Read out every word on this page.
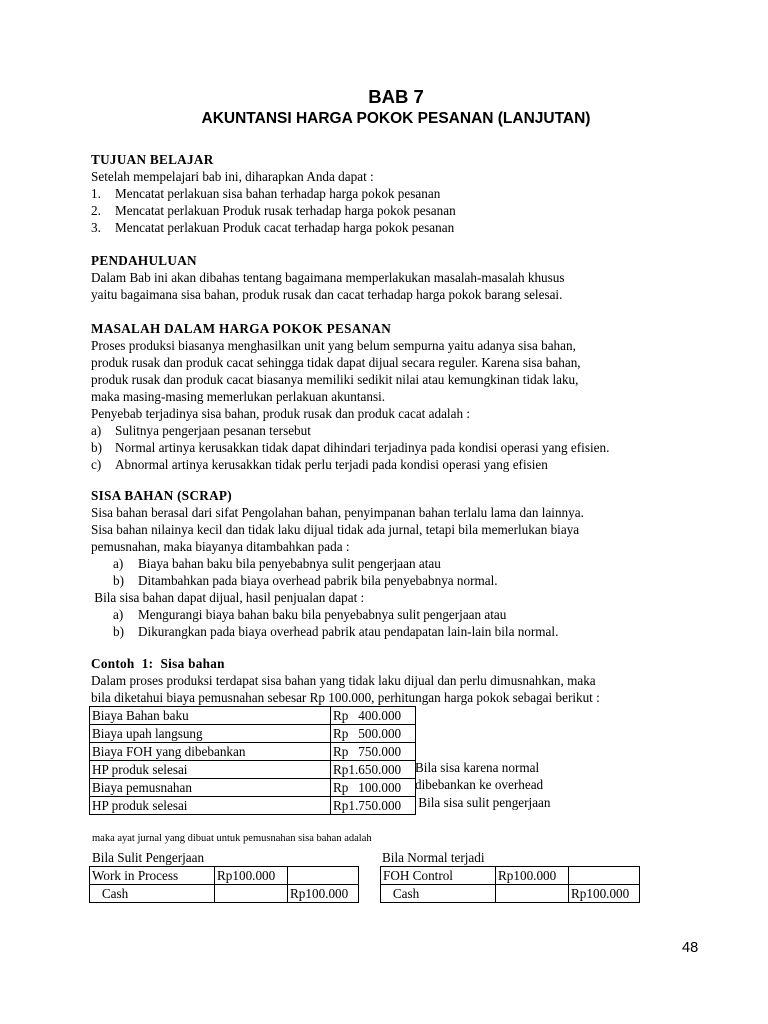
BAB 7
AKUNTANSI HARGA POKOK PESANAN (LANJUTAN)
TUJUAN BELAJAR
Setelah mempelajari bab ini, diharapkan Anda dapat :
1. Mencatat perlakuan sisa bahan terhadap harga pokok pesanan
2. Mencatat perlakuan Produk rusak terhadap harga pokok pesanan
3. Mencatat perlakuan Produk cacat terhadap harga pokok pesanan
PENDAHULUAN
Dalam Bab ini akan dibahas tentang bagaimana memperlakukan masalah-masalah khusus
yaitu bagaimana sisa bahan, produk rusak dan cacat terhadap harga pokok barang selesai.
MASALAH DALAM HARGA POKOK PESANAN
Proses produksi biasanya menghasilkan unit yang belum sempurna yaitu adanya sisa bahan,
produk rusak dan produk cacat sehingga tidak dapat dijual secara reguler. Karena sisa bahan,
produk rusak dan produk cacat biasanya memiliki sedikit nilai atau kemungkinan tidak laku,
maka masing-masing memerlukan perlakuan akuntansi.
Penyebab terjadinya sisa bahan, produk rusak dan produk cacat adalah :
a) Sulitnya pengerjaan pesanan tersebut
b) Normal artinya kerusakkan tidak dapat dihindari terjadinya pada kondisi operasi yang efisien.
c) Abnormal artinya kerusakkan tidak perlu terjadi pada kondisi operasi yang efisien
SISA BAHAN (SCRAP)
Sisa bahan berasal dari sifat Pengolahan bahan, penyimpanan bahan terlalu lama dan lainnya.
Sisa bahan nilainya kecil dan tidak laku dijual tidak ada jurnal, tetapi bila memerlukan biaya
pemusnahan, maka biayanya ditambahkan pada :
a) Biaya bahan baku bila penyebabnya sulit pengerjaan atau
b) Ditambahkan pada biaya overhead pabrik bila penyebabnya normal.
Bila sisa bahan dapat dijual, hasil penjualan dapat :
a) Mengurangi biaya bahan baku bila penyebabnya sulit pengerjaan atau
b) Dikurangkan pada biaya overhead pabrik atau pendapatan lain-lain bila normal.
Contoh  1:  Sisa bahan
Dalam proses produksi terdapat sisa bahan yang tidak laku dijual dan perlu dimusnahkan, maka
bila diketahui biaya pemusnahan sebesar Rp 100.000, perhitungan harga pokok sebagai berikut :
Biaya Bahan baku	Rp   400.000
Biaya upah langsung	Rp   500.000
Biaya FOH yang dibebankan	Rp   750.000
HP produk selesai	Rp1.650.000
Biaya pemusnahan	Rp   100.000
HP produk selesai	Rp1.750.000
Bila sisa karena normal
dibebankan ke overhead
Bila sisa sulit pengerjaan
maka ayat jurnal yang dibuat untuk pemusnahan sisa bahan adalah
Bila Sulit Pengerjaan	Bila Normal terjadi
Work in Process	Rp100.000	
Cash		Rp100.000
FOH Control	Rp100.000	
Cash		Rp100.000
48
